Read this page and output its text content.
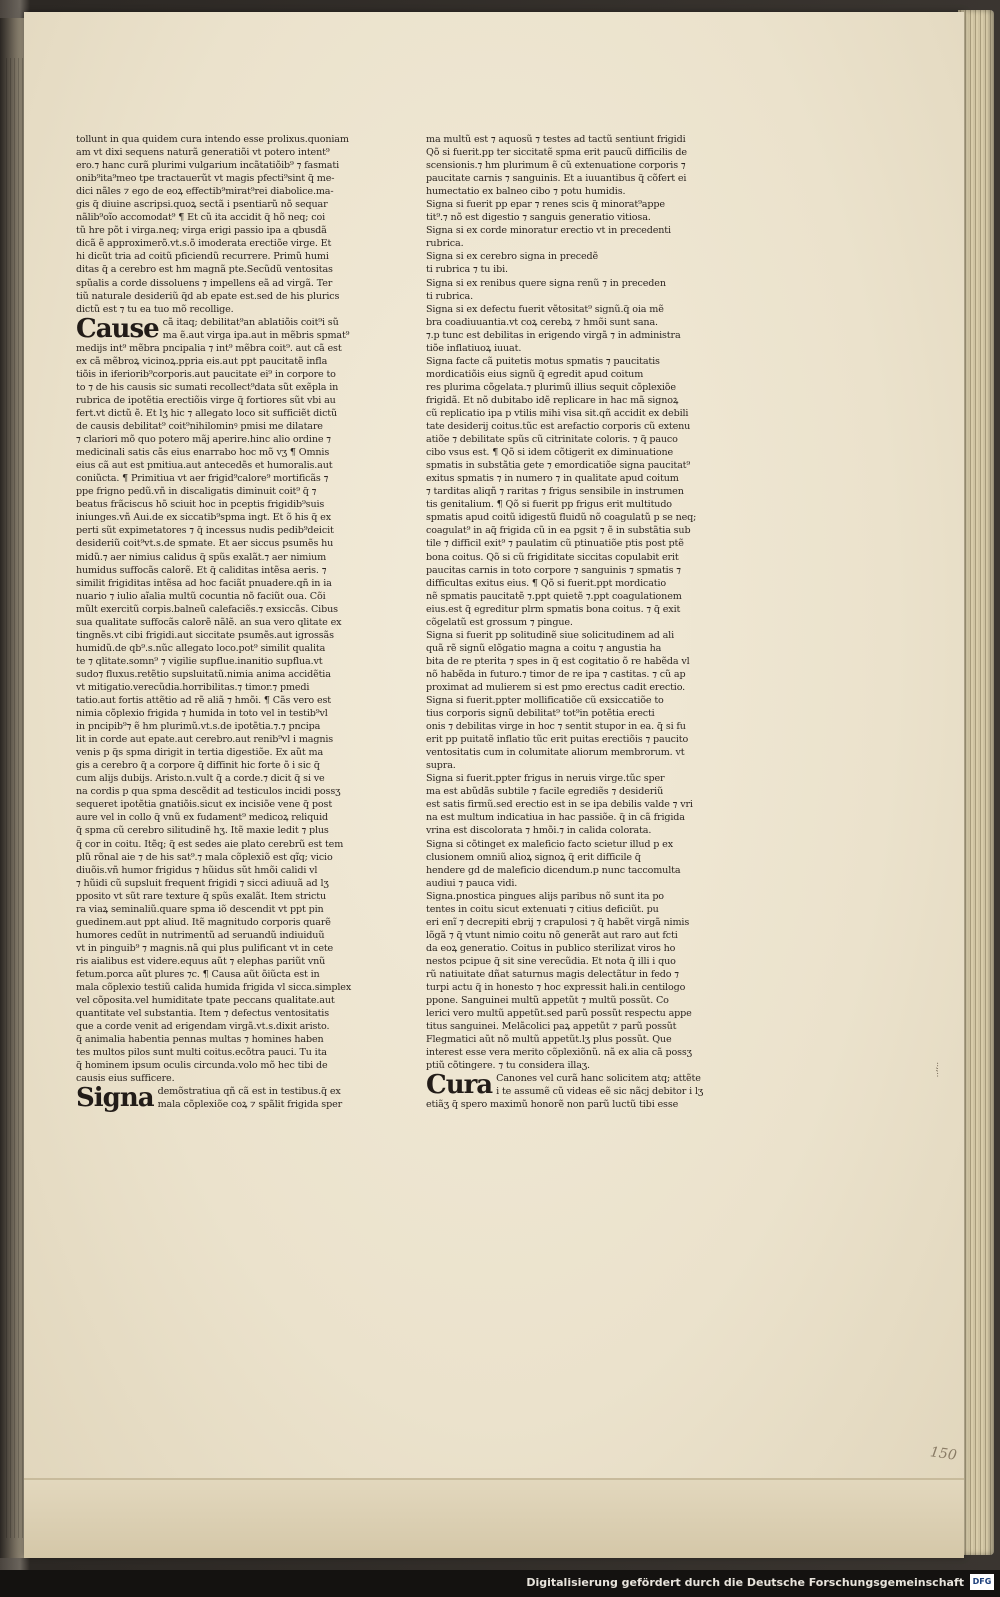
tollunt in qua quidem cura intendo esse prolixus.quoniam
am vt dixi sequens naturã generatiõi vt potero intent⁹
ero.⁊ hanc curã plurimi vulgarium incãtatiõib⁹ ⁊ fasmati
onib⁹ita⁹meo tpe tractauerũt vt magis pfecti⁹sint q̃ me-
dici nãles ⁊ ego de eoꝝ effectib⁹mirat⁹rei diabolice.ma-
gis q̃ diuine ascripsi.quoꝝ sectã i psentiarũ nõ sequar
nãlib⁹oĩo accomodat⁹ ¶ Et cũ ita accidit q̃ hõ neq; coi
tũ hre põt i virga.neq; virga erigi passio ipa a qbusdã
dicã ẽ approximerõ.vt.s.õ imoderata erectiõe virge. Et
hi dicũt tria ad coitũ pficiendũ recurrere. Primũ humi
ditas q̃ a cerebro est hm magnã pte.Secũdũ ventositas
spũalis a corde dissoluens ⁊ impellens eã ad virgã. Ter
tiũ naturale desideriũ q̃d ab epate est.sed de his plurics
dictũ est ⁊ tu ea tuo mõ recollige.
Cause cã itaq; debilitat⁹an ablatiõis coit⁹i sũ
ma ẽ.aut virga ipa.aut in mẽbris spmat⁹
medijs int⁹ mẽbra pncipalia ⁊ int⁹ mẽbra coit⁹. aut cã est
ex cã mẽbroꝝ vicinoꝝ.ppria eis.aut ppt paucitatẽ infla
tiõis in iferiorib⁹corporis.aut paucitate ei⁹ in corpore to
to ⁊ de his causis sic sumati recollect⁹data sũt exẽpla in
rubrica de ipotẽtia erectiõis virge q̃ fortiores sũt vbi au
fert.vt dictũ ẽ. Et lʒ hic ⁊ allegato loco sit sufficiẽt dictũ
de causis debilitat⁹ coit⁹nihilominꝰ pmisi me dilatare
⁊ clariori mõ quo potero mãj aperire.hinc alio ordine ⁊
medicinali satis cãs eius enarrabo hoc mõ vʒ ¶ Omnis
eius cã aut est pmitiua.aut antecedẽs et humoralis.aut
coniũcta. ¶ Primitiua vt aer frigid⁹calore⁹ mortificãs ⁊
ppe frigno pedũ.vñ in discaligatis diminuit coit⁹ q̃ ⁊
beatus frãciscus hõ sciuit hoc in pceptis frigidib⁹suis
iniunges.vñ Aui.de ex siccatib⁹spma ingt. Et õ his q̃ ex
perti sũt expimetatores ⁊ q̃ incessus nudis pedib⁹deicit
desideriũ coit⁹vt.s.de spmate. Et aer siccus psumẽs hu
midũ.⁊ aer nimius calidus q̃ spũs exalãt.⁊ aer nimium
humidus suffocãs calorẽ. Et q̃ caliditas intẽsa aeris. ⁊
similit frigiditas intẽsa ad hoc faciãt pnuadere.qñ in ia
nuario ⁊ iulio aĩalia multũ cocuntia nõ faciũt oua. Cõi
mũlt exercitũ corpis.balneũ calefaciẽs.⁊ exsiccãs. Cibus
sua qualitate suffocãs calorẽ nãlẽ. an sua vero qlitate ex
tingnẽs.vt cibi frigidi.aut siccitate psumẽs.aut igrossãs
humidũ.de qb⁹.s.nũc allegato loco.pot⁹ similit qualita
te ⁊ qlitate.somn⁹ ⁊ vigilie supflue.inanitio supflua.vt
sudo⁊ fluxus.retẽtio supsluitatũ.nimia anima accidẽtia
vt mitigatio.verecũdia.horribilitas.⁊ timor.⁊ pmedi
tatio.aut fortis attẽtio ad rẽ aliã ⁊ hmõi. ¶ Cãs vero est
nimia cõplexio frigida ⁊ humida in toto vel in testib⁹vl
in pncipib⁹⁊ ẽ hm plurimũ.vt.s.de ipotẽtia.⁊.⁊ pncipa
lit in corde aut epate.aut cerebro.aut renib⁹vl i magnis
venis p q̃s spma dirigit in tertia digestiõe. Ex aũt ma
gis a cerebro q̃ a corpore q̃ diffinit hic forte õ i sic q̃
cum alijs dubijs. Aristo.n.vult q̃ a corde.⁊ dicit q̃ si ve
na cordis p qua spma descẽdit ad testiculos incidi possʒ
sequeret ipotẽtia gnatiõis.sicut ex incisiõe vene q̃ post
aure vel in collo q̃ vnũ ex fudament⁹ medicoꝝ reliquid
q̃ spma cũ cerebro silitudinẽ hʒ. Itẽ maxie ledit ⁊ plus
q̃ cor in coitu. Itẽq; q̃ est sedes aie plato cerebrũ est tem
plũ rõnal aie ⁊ de his sat⁹.⁊ mala cõplexiõ est qĩq; vicio
diuõis.vñ humor frigidus ⁊ hũidus sũt hmõi calidi vl
⁊ hũidi cũ supsluit frequent frigidi ⁊ sicci adiuuã ad lʒ
pposito vt sũt rare texture q̃ spũs exalãt. Item strictu
ra viaꝝ seminaliũ.quare spma iõ descendit vt ppt pin
guedinem.aut ppt aliud. Itẽ magnitudo corporis quarẽ
humores cedũt in nutrimentũ ad seruandũ indiuiduũ
vt in pinguib⁹ ⁊ magnis.nã qui plus pulificant vt in cete
ris aialibus est videre.equus aũt ⁊ elephas pariũt vnũ
fetum.porca aũt plures ⁊c. ¶ Causa aũt õiũcta est in
mala cõplexio testiũ calida humida frigida vl sicca.simplex
vel cõposita.vel humiditate tpate peccans qualitate.aut
quantitate vel substantia. Item ⁊ defectus ventositatis
que a corde venit ad erigendam virgã.vt.s.dixit aristo.
q̃ animalia habentia pennas multas ⁊ homines haben
tes multos pilos sunt multi coitus.ecõtra pauci. Tu ita
q̃ hominem ipsum oculis circunda.volo mõ hec tibi de
causis eius sufficere.
Signa demõstratiua qñ cã est in testibus.q̃ ex
mala cõplexiõe coꝝ ⁊ spãlit frigida sper
ma multũ est ⁊ aquosũ ⁊ testes ad tactũ sentiunt frigidi
Qõ si fuerit.pp ter siccitatẽ spma erit paucũ difficilis de
scensionis.⁊ hm plurimum ẽ cũ extenuatione corporis ⁊
paucitate carnis ⁊ sanguinis. Et a iuuantibus q̃ cõfert ei
humectatio ex balneo cibo ⁊ potu humidis.
Signa si fuerit pp epar ⁊ renes scis q̃ minorat⁹appe
tit⁹.⁊ nõ est digestio ⁊ sanguis generatio vitiosa.
Signa si ex corde minoratur erectio vt in precedenti
rubrica.
Signa si ex cerebro signa in precedẽ
ti rubrica ⁊ tu ibi.
Signa si ex renibus quere signa renũ ⁊ in preceden
ti rubrica.
Signa si ex defectu fuerit vẽtositat⁹ signũ.q̃ oia mẽ
bra coadiuuantia.vt coꝝ cerebꝝ ⁊ hmõi sunt sana.
⁊.p tunc est debilitas in erigendo virgã ⁊ in administra
tiõe inflatiuoꝝ iuuat.
Signa facte cã puitetis motus spmatis ⁊ paucitatis
mordicatiõis eius signũ q̃ egredit apud coitum
res plurima cõgelata.⁊ plurimũ illius sequit cõplexiõe
frigidã. Et nõ dubitabo idẽ replicare in hac mã signoꝝ
cũ replicatio ipa p vtilis mihi visa sit.qñ accidit ex debili
tate desiderij coitus.tũc est arefactio corporis cũ extenu
atiõe ⁊ debilitate spũs cũ citrinitate coloris. ⁊ q̃ pauco
cibo vsus est. ¶ Qõ si idem cõtigerit ex diminuatione
spmatis in substãtia gete ⁊ emordicatiõe signa paucitat⁹
exitus spmatis ⁊ in numero ⁊ in qualitate apud coitum
⁊ tarditas aliqñ ⁊ raritas ⁊ frigus sensibile in instrumen
tis genitalium. ¶ Qõ si fuerit pp frigus erit multitudo
spmatis apud coitũ idigestũ fluidũ nõ coagulatũ p se neq;
coagulat⁹ in aq̃ frigida cũ in ea pgsit ⁊ ẽ in substãtia sub
tile ⁊ difficil exit⁹ ⁊ paulatim cũ ptinuatiõe ptis post ptẽ
bona coitus. Qõ si cũ frigiditate siccitas copulabit erit
paucitas carnis in toto corpore ⁊ sanguinis ⁊ spmatis ⁊
difficultas exitus eius. ¶ Qõ si fuerit.ppt mordicatio
nẽ spmatis paucitatẽ ⁊.ppt quietẽ ⁊.ppt coagulationem
eius.est q̃ egreditur plrm spmatis bona coitus. ⁊ q̃ exit
cõgelatũ est grossum ⁊ pingue.
Signa si fuerit pp solitudinẽ siue solicitudinem ad ali
quã rẽ signũ elõgatio magna a coitu ⁊ angustia ha
bita de re pterita ⁊ spes in q̃ est cogitatio õ re habẽda vl
nõ habẽda in futuro.⁊ timor de re ipa ⁊ castitas. ⁊ cũ ap
proximat ad mulierem si est pmo erectus cadit erectio.
Signa si fuerit.ppter mollificatiõe cũ exsiccatiõe to
tius corporis signũ debilitat⁹ tot⁹in potẽtia erecti
onis ⁊ debilitas virge in hoc ⁊ sentit stupor in ea. q̃ si fu
erit pp puitatẽ inflatio tũc erit puitas erectiõis ⁊ paucito
ventositatis cum in columitate aliorum membrorum. vt
supra.
Signa si fuerit.ppter frigus in neruis virge.tũc sper
ma est abũdãs subtile ⁊ facile egrediẽs ⁊ desideriũ
est satis firmũ.sed erectio est in se ipa debilis valde ⁊ vri
na est multum indicatiua in hac passiõe. q̃ in cã frigida
vrina est discolorata ⁊ hmõi.⁊ in calida colorata.
Signa si cõtinget ex maleficio facto scietur illud p ex
clusionem omniũ alioꝝ signoꝝ q̃ erit difficile q̃
hendere gd de maleficio dicendum.p nunc taccomulta
audiui ⁊ pauca vidi.
Signa.pnostica pingues alijs paribus nõ sunt ita po
tentes in coitu sicut extenuati ⁊ citius deficiũt. pu
eri enĩ ⁊ decrepiti ebrij ⁊ crapulosi ⁊ q̃ habẽt virgã nimis
lõgã ⁊ q̃ vtunt nimio coitu nõ generãt aut raro aut fcti
da eoꝝ generatio. Coitus in publico sterilizat viros ho
nestos pcipue q̃ sit sine verecũdia. Et nota q̃ illi i quo
rũ natiuitate dñat saturnus magis delectãtur in fedo ⁊
turpi actu q̃ in honesto ⁊ hoc expressit hali.in centilogo
ppone. Sanguinei multũ appetũt ⁊ multũ possũt. Co
lerici vero multũ appetũt.sed parũ possũt respectu appe
titus sanguinei. Melãcolici paꝝ appetũt ⁊ parũ possũt
Flegmatici aũt nõ multũ appetũt.lʒ plus possũt. Que
interest esse vera merito cõplexiõnũ. nã ex alia cã possʒ
ptiũ cõtingere. ⁊ tu considera illaʒ.
Cura Canones vel curã hanc solicitem atq; attẽte
i te assumẽ cũ videas eẽ sic nãcj debitor i lʒ
etiãʒ q̃ spero maximũ honorẽ non parũ luctũ tibi esse
..,,..
150
Digitalisierung gefördert durch die Deutsche Forschungsgemeinschaft	DFG
